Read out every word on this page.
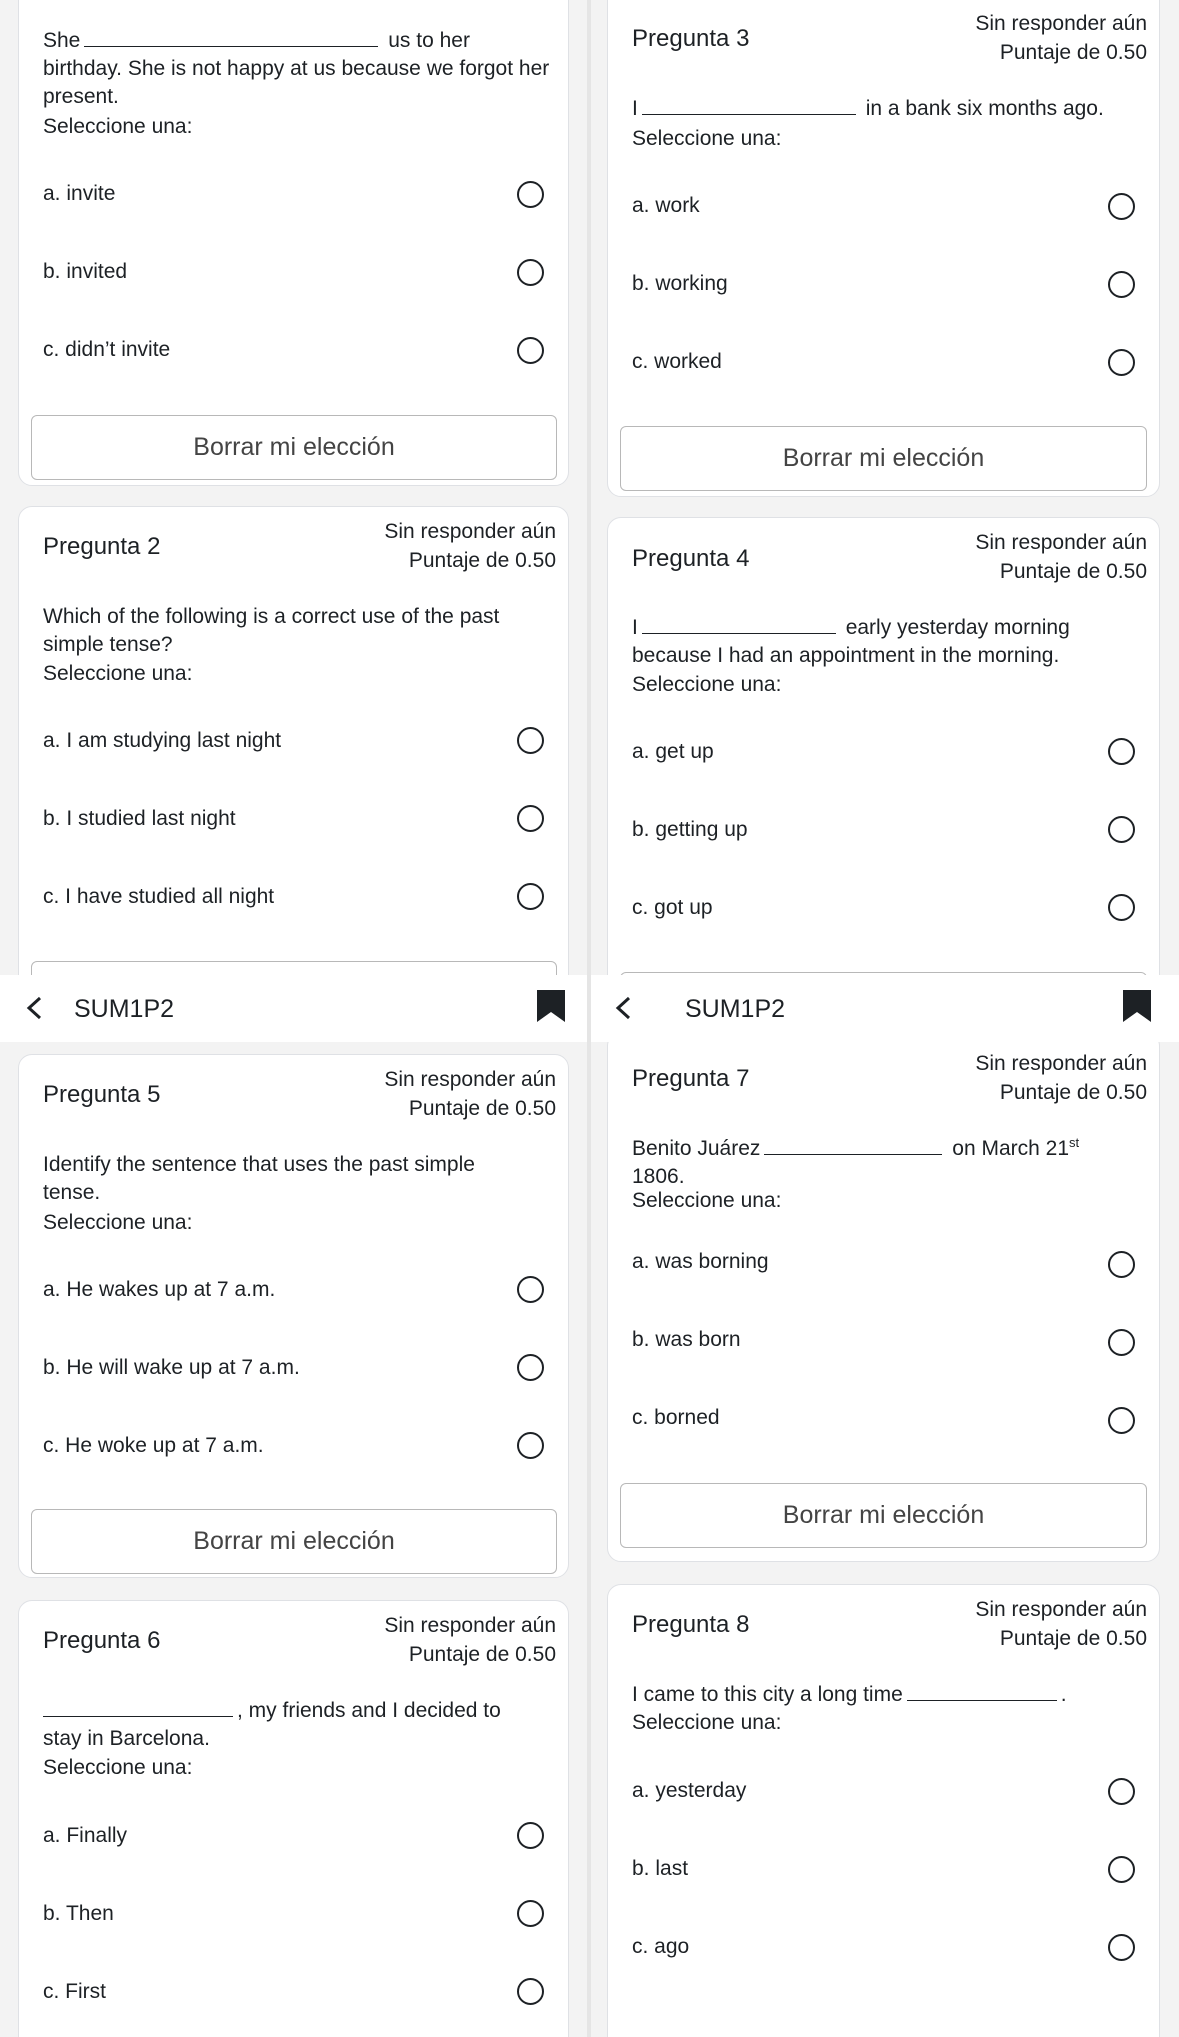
She	us to her
birthday. She is not happy at us because we forgot her present.
Seleccione una:
a. invite
b. invited
c. didn’t invite
Borrar mi elección
Pregunta 2
Sin responder aún
Puntaje de 0.50
Which of the following is a correct use of the past simple tense?
Seleccione una:
a. I am studying last night
b. I studied last night
c. I have studied all night
SUM1P2
Pregunta 3
Sin responder aún
Puntaje de 0.50
I	in a bank six months ago.
Seleccione una:
a. work
b. working
c. worked
Borrar mi elección
Pregunta 4
Sin responder aún
Puntaje de 0.50
I	early yesterday morning
because I had an appointment in the morning.
Seleccione una:
a. get up
b. getting up
c. got up
SUM1P2
Pregunta 5
Sin responder aún
Puntaje de 0.50
Identify the sentence that uses the past simple tense.
Seleccione una:
a. He wakes up at 7 a.m.
b. He will wake up at 7 a.m.
c. He woke up at 7 a.m.
Borrar mi elección
Pregunta 6
Sin responder aún
Puntaje de 0.50
, my friends and I decided to
stay in Barcelona.
Seleccione una:
a. Finally
b. Then
c. First
Pregunta 7
Sin responder aún
Puntaje de 0.50
Benito Juárez	on March 21st
1806.
Seleccione una:
a. was borning
b. was born
c. borned
Borrar mi elección
Pregunta 8
Sin responder aún
Puntaje de 0.50
I came to this city a long time	.
Seleccione una:
a. yesterday
b. last
c. ago
